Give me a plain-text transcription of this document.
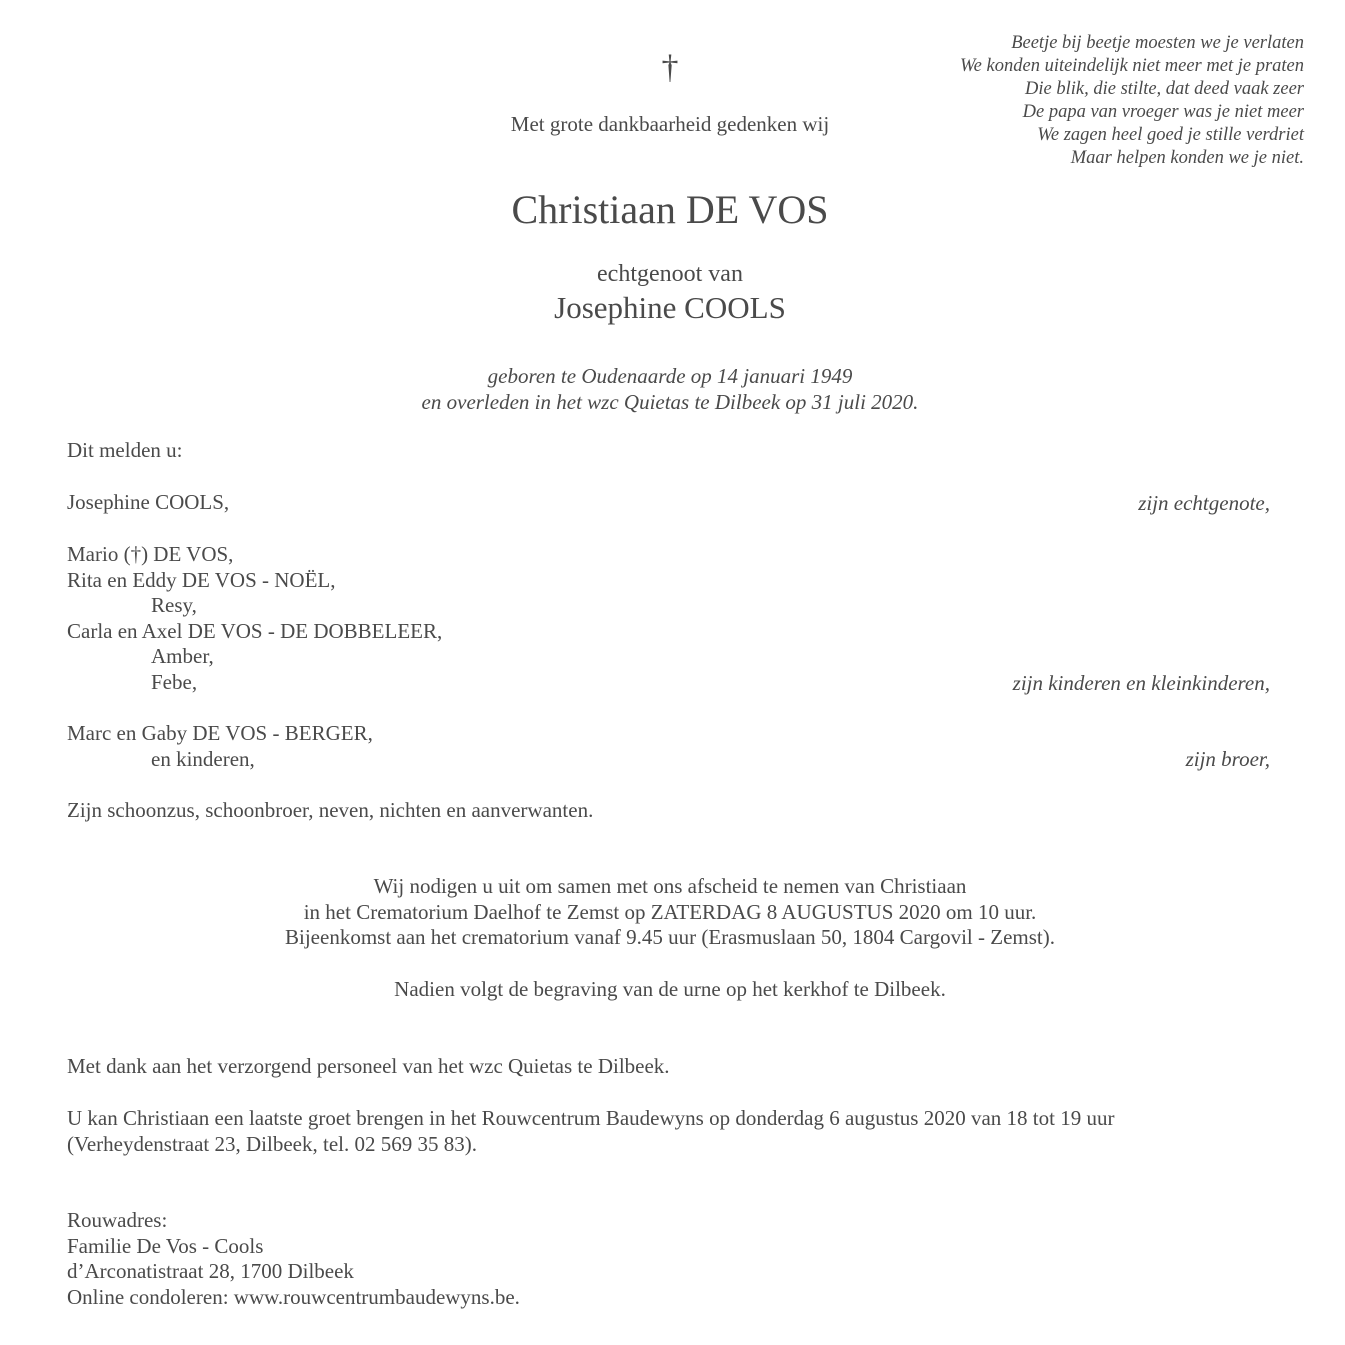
Beetje bij beetje moesten we je verlaten
We konden uiteindelijk niet meer met je praten
Die blik, die stilte, dat deed vaak zeer
De papa van vroeger was je niet meer
We zagen heel goed je stille verdriet
Maar helpen konden we je niet.
†
Met grote dankbaarheid gedenken wij
Christiaan DE VOS
echtgenoot van
Josephine COOLS
geboren te Oudenaarde op 14 januari 1949
en overleden in het wzc Quietas te Dilbeek op 31 juli 2020.
Dit melden u:
Josephine COOLS,	zijn echtgenote,
Mario (†) DE VOS,
Rita en Eddy DE VOS - NOËL,
Resy,
Carla en Axel DE VOS - DE DOBBELEER,
Amber,
Febe,	zijn kinderen en kleinkinderen,
Marc en Gaby DE VOS - BERGER,
en kinderen,	zijn broer,
Zijn schoonzus, schoonbroer, neven, nichten en aanverwanten.
Wij nodigen u uit om samen met ons afscheid te nemen van Christiaan
in het Crematorium Daelhof te Zemst op ZATERDAG 8 AUGUSTUS 2020 om 10 uur.
Bijeenkomst aan het crematorium vanaf 9.45 uur (Erasmuslaan 50, 1804 Cargovil - Zemst).
Nadien volgt de begraving van de urne op het kerkhof te Dilbeek.
Met dank aan het verzorgend personeel van het wzc Quietas te Dilbeek.
U kan Christiaan een laatste groet brengen in het Rouwcentrum Baudewyns op donderdag 6 augustus 2020 van 18 tot 19 uur
(Verheydenstraat 23, Dilbeek, tel. 02 569 35 83).
Rouwadres:
Familie De Vos - Cools
d’Arconatistraat 28, 1700 Dilbeek
Online condoleren: www.rouwcentrumbaudewyns.be.
